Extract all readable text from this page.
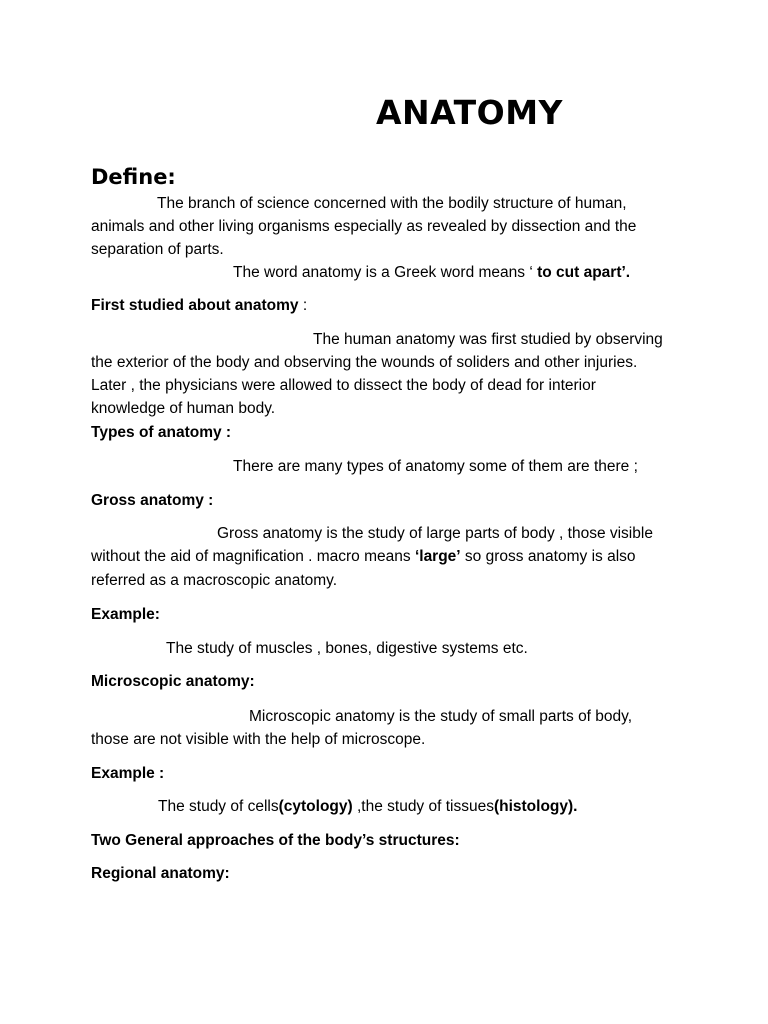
ANATOMY
Define:
The branch of science concerned with the bodily structure of human,
animals and other living organisms especially as revealed by dissection and the
separation of parts.
The word anatomy is a Greek word means ‘ to cut apart’.
First studied about anatomy :
The human anatomy was first studied by observing
the exterior of the body and observing the wounds of soliders and other injuries.
Later , the physicians were allowed to dissect the body of dead for interior
knowledge of human body.
Types of anatomy :
There are many types of anatomy some of them are there ;
Gross anatomy :
Gross anatomy is the study of large parts of body , those visible
without the aid of magnification . macro means ‘large’ so gross anatomy is also
referred as a macroscopic anatomy.
Example:
The study of muscles , bones, digestive systems etc.
Microscopic anatomy:
Microscopic anatomy is the study of small parts of body,
those are not visible with the help of microscope.
Example :
The study of cells(cytology) ,the study of tissues(histology).
Two General approaches of the body’s structures:
Regional anatomy:
